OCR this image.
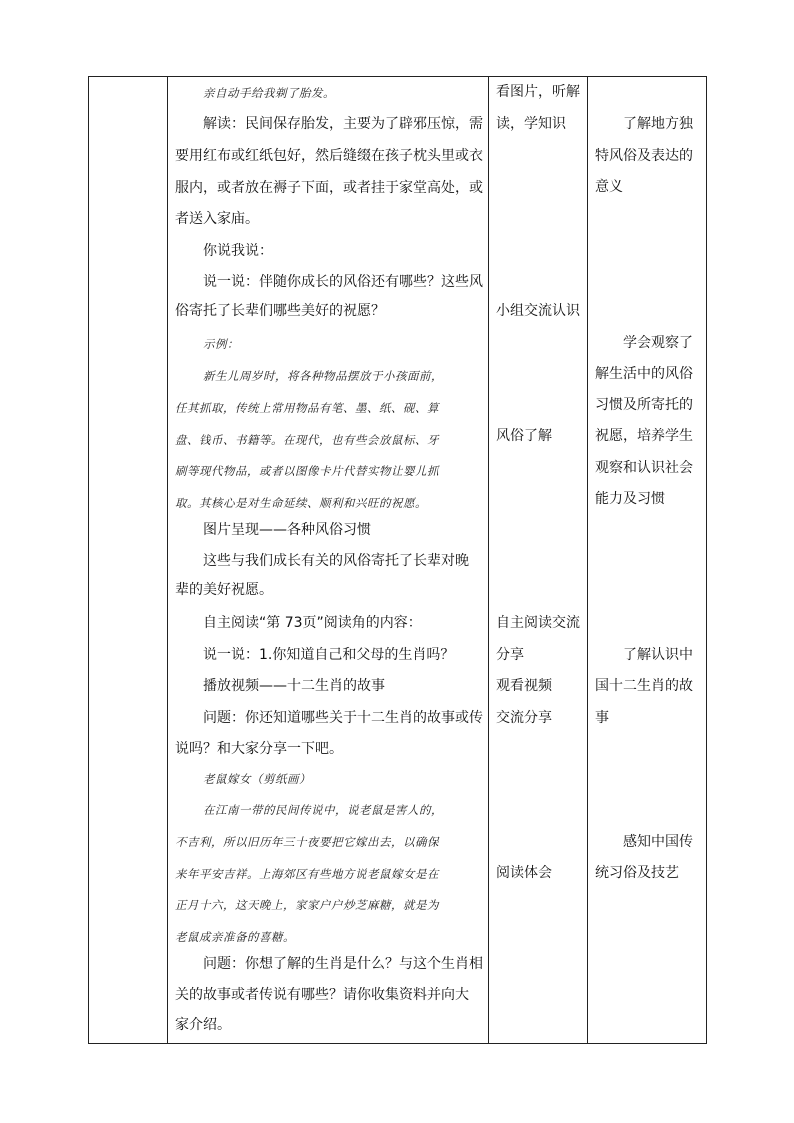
亲自动手给我剃了胎发。
解读：民间保存胎发，主要为了辟邪压惊，需
要用红布或红纸包好，然后缝缀在孩子枕头里或衣
服内，或者放在褥子下面，或者挂于家堂高处，或
者送入家庙。
你说我说：
说一说：伴随你成长的风俗还有哪些？这些风
俗寄托了长辈们哪些美好的祝愿？
示例：
新生儿周岁时，将各种物品摆放于小孩面前，
任其抓取，传统上常用物品有笔、墨、纸、砚、算
盘、钱币、书籍等。在现代，也有些会放鼠标、牙
刷等现代物品，或者以图像卡片代替实物让婴儿抓
取。其核心是对生命延续、顺利和兴旺的祝愿。
图片呈现——各种风俗习惯
这些与我们成长有关的风俗寄托了长辈对晚
辈的美好祝愿。
自主阅读“第 73页”阅读角的内容：
说一说：1.你知道自己和父母的生肖吗？
播放视频——十二生肖的故事
问题：你还知道哪些关于十二生肖的故事或传
说吗？和大家分享一下吧。
老鼠嫁女（剪纸画）
在江南一带的民间传说中，说老鼠是害人的，
不吉利，所以旧历年三十夜要把它嫁出去，以确保
来年平安吉祥。上海郊区有些地方说老鼠嫁女是在
正月十六，这天晚上，家家户户炒芝麻糖，就是为
老鼠成亲准备的喜糖。
问题：你想了解的生肖是什么？与这个生肖相
关的故事或者传说有哪些？请你收集资料并向大
家介绍。
看图片，听解
读，学知识
小组交流认识
风俗了解
自主阅读交流
分享
观看视频
交流分享
阅读体会
了解地方独
特风俗及表达的
意义
学会观察了
解生活中的风俗
习惯及所寄托的
祝愿，培养学生
观察和认识社会
能力及习惯
了解认识中
国十二生肖的故
事
感知中国传
统习俗及技艺
